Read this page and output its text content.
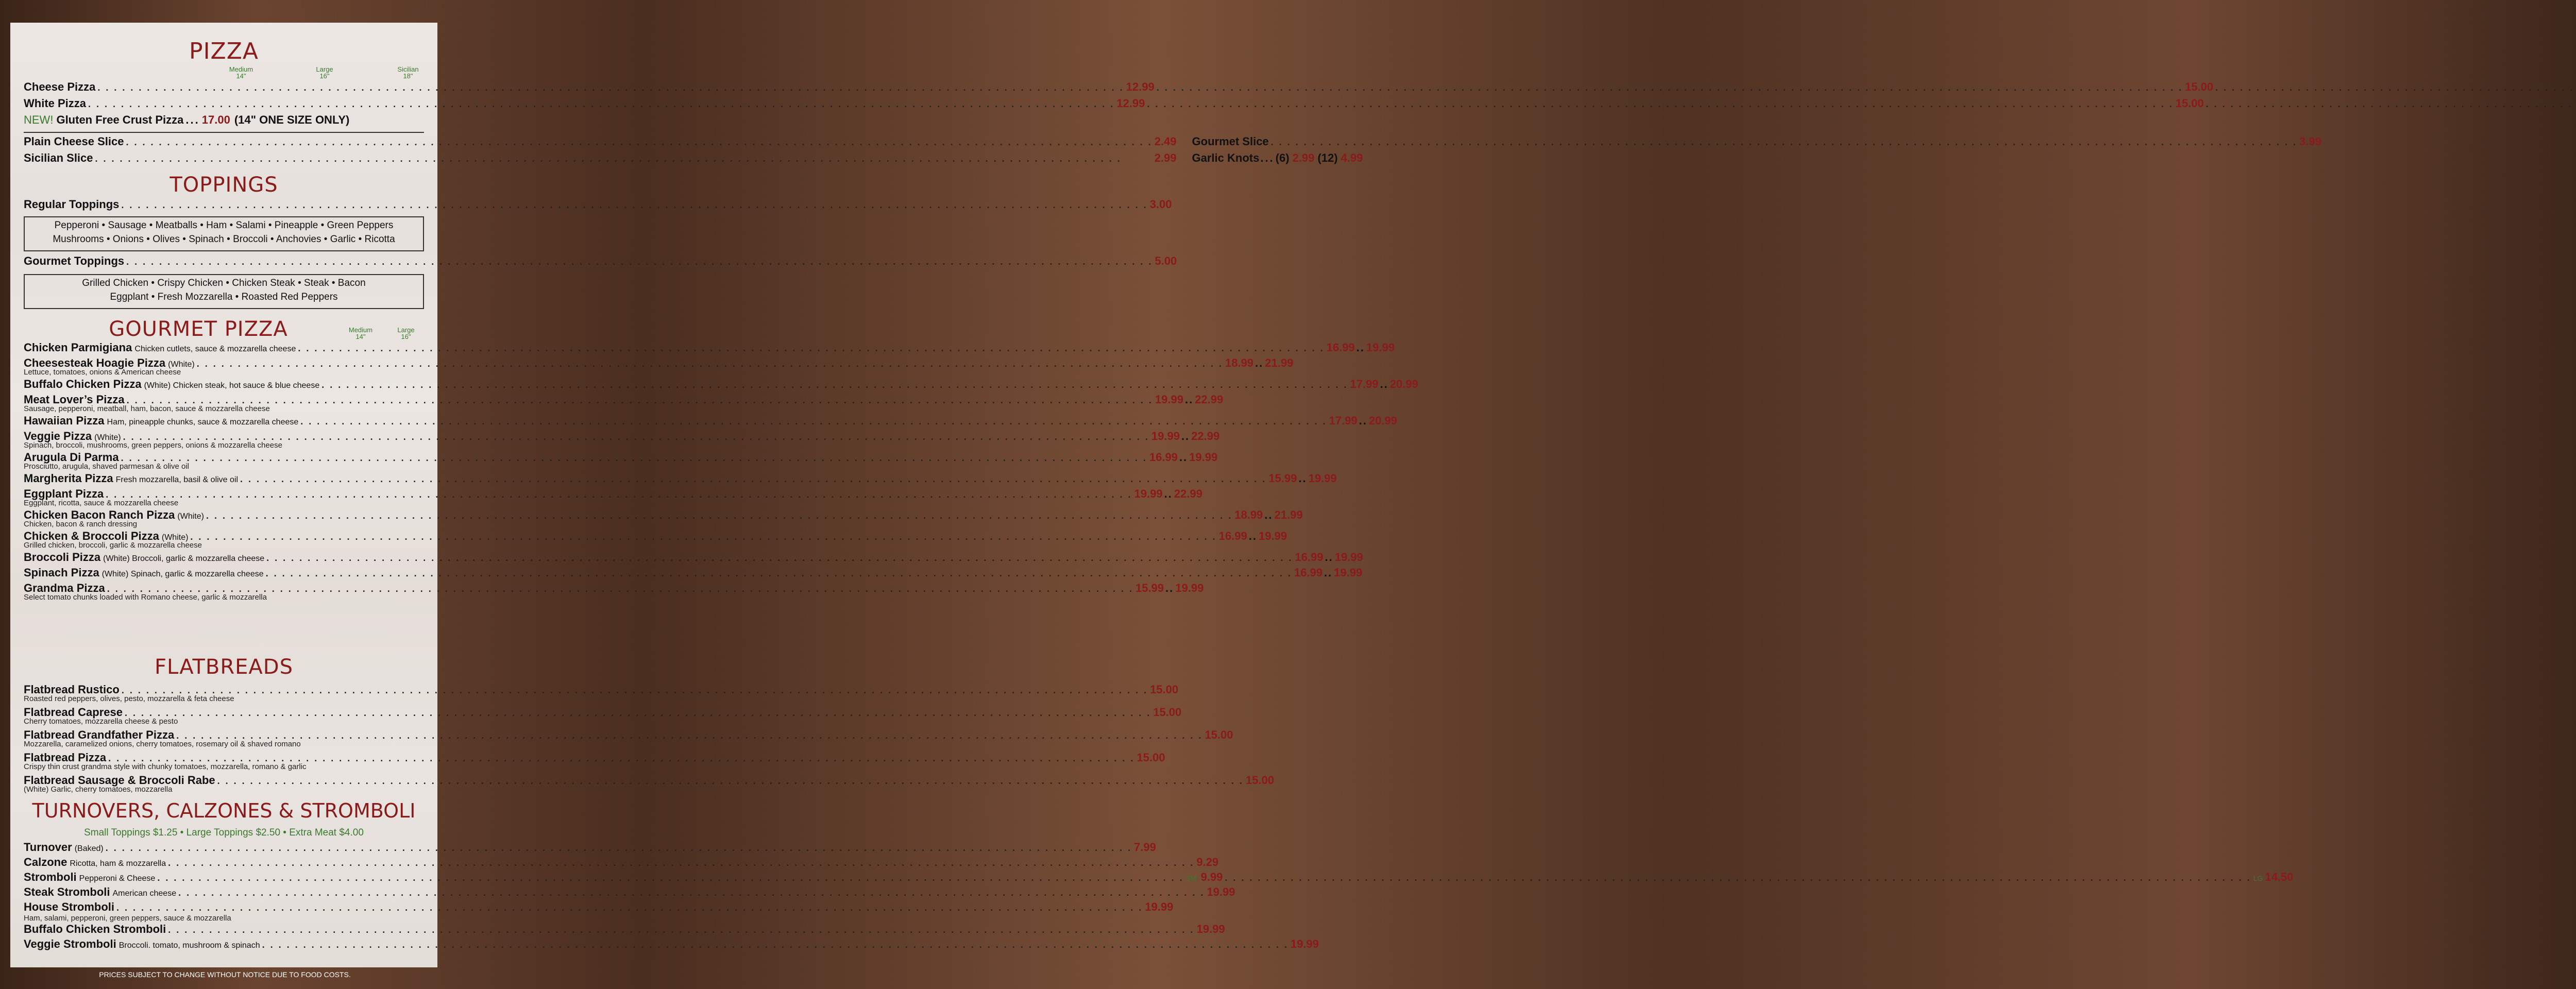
PIZZA
Medium
14"
Large
16"
Sicilian
18"
Cheese Pizza . . .	12.99 . . .	15.00
. . .
White Pizza . . .	12.99 . . .	15.00
. . .
NEW! Gluten Free Crust Pizza ... 17.00 (14" ONE SIZE ONLY)
Plain Cheese Slice . . .	2.49
Sicilian Slice . . .	2.99
Gourmet Slice . . .	3.99
Garlic Knots ... (6) 2.99 (12) 4.99
TOPPINGS
Regular Toppings . . .	3.00
Pepperoni • Sausage • Meatballs • Ham • Salami • Pineapple • Green Peppers
Mushrooms • Onions • Olives • Spinach • Broccoli • Anchovies • Garlic • Ricotta
Gourmet Toppings . . .	5.00
Grilled Chicken • Crispy Chicken • Chicken Steak • Steak • Bacon
Eggplant • Fresh Mozzarella • Roasted Red Peppers
GOURMET PIZZA	Medium
14"
Large
16"
Chicken Parmigiana Chicken cutlets, sauce & mozzarella cheese . . .	16.99 .. 19.99
Cheesesteak Hoagie Pizza (White) . . .	18.99 .. 21.99
Lettuce, tomatoes, onions & American cheese
Buffalo Chicken Pizza (White) Chicken steak, hot sauce & blue cheese . . .	17.99 .. 20.99
Meat Lover’s Pizza . . .	19.99 .. 22.99
Sausage, pepperoni, meatball, ham, bacon, sauce & mozzarella cheese
Hawaiian Pizza Ham, pineapple chunks, sauce & mozzarella cheese . . .	17.99 .. 20.99
Veggie Pizza (White) . . .	19.99 .. 22.99
Spinach, broccoli, mushrooms, green peppers, onions & mozzarella cheese
Arugula Di Parma . . .	16.99 .. 19.99
Prosciutto, arugula, shaved parmesan & olive oil
Margherita Pizza Fresh mozzarella, basil & olive oil . . .	15.99 .. 19.99
Eggplant Pizza . . .	19.99 .. 22.99
Eggplant, ricotta, sauce & mozzarella cheese
Chicken Bacon Ranch Pizza (White) . . .	18.99 .. 21.99
Chicken, bacon & ranch dressing
Chicken & Broccoli Pizza (White) . . .	16.99 .. 19.99
Grilled chicken, broccoli, garlic & mozzarella cheese
Broccoli Pizza (White) Broccoli, garlic & mozzarella cheese . . .	16.99 .. 19.99
Spinach Pizza (White) Spinach, garlic & mozzarella cheese . . .	16.99 .. 19.99
Grandma Pizza . . .	15.99 .. 19.99
Select tomato chunks loaded with Romano cheese, garlic & mozzarella
FLATBREADS
Flatbread Rustico . . .	15.00
Roasted red peppers, olives, pesto, mozzarella & feta cheese
Flatbread Caprese . . .	15.00
Cherry tomatoes, mozzarella cheese & pesto
Flatbread Grandfather Pizza . . .	15.00
Mozzarella, caramelized onions, cherry tomatoes, rosemary oil & shaved romano
Flatbread Pizza . . .	15.00
Crispy thin crust grandma style with chunky tomatoes, mozzarella, romano & garlic
Flatbread Sausage & Broccoli Rabe . . .	15.00
(White) Garlic, cherry tomatoes, mozzarella
TURNOVERS, CALZONES & STROMBOLI
Small Toppings $1.25 • Large Toppings $2.50 • Extra Meat $4.00
Turnover (Baked) . . .	7.99
Calzone Ricotta, ham & mozzarella . . .	9.29
Stromboli Pepperoni & Cheese . . .	SM 9.99 . . .	LG 14.50
Steak Stromboli American cheese . . .	19.99
House Stromboli . . .	19.99
Ham, salami, pepperoni, green peppers, sauce & mozzarella
Buffalo Chicken Stromboli . . .	19.99
Veggie Stromboli Broccoli. tomato, mushroom & spinach . . .	19.99
PRICES SUBJECT TO CHANGE WITHOUT NOTICE DUE TO FOOD COSTS.
